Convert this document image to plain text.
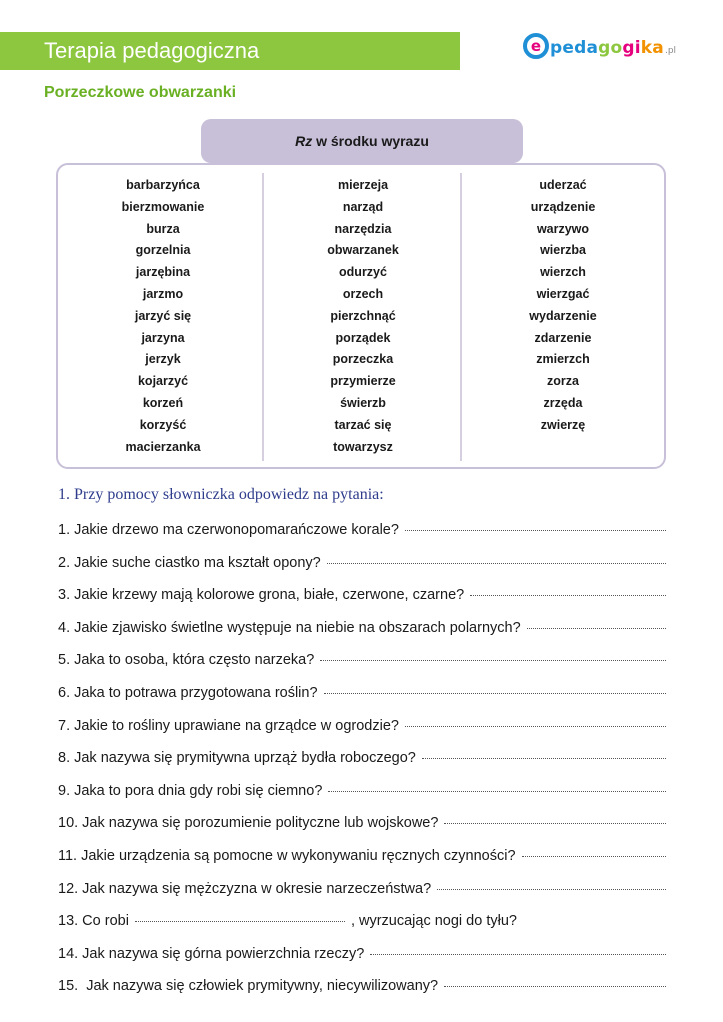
Terapia pedagogiczna	e pedagogika .pl
Porzeczkowe obwarzanki
Rz w środku wyrazu
barbarzyńca
bierzmowanie
burza
gorzelnia
jarzębina
jarzmo
jarzyć się
jarzyna
jerzyk
kojarzyć
korzeń
korzyść
macierzanka
mierzeja
narząd
narzędzia
obwarzanek
odurzyć
orzech
pierzchnąć
porządek
porzeczka
przymierze
świerzb
tarzać się
towarzysz
uderzać
urządzenie
warzywo
wierzba
wierzch
wierzgać
wydarzenie
zdarzenie
zmierzch
zorza
zrzęda
zwierzę
1. Przy pomocy słowniczka odpowiedz na pytania:
1. Jakie drzewo ma czerwonopomarańczowe korale?
2. Jakie suche ciastko ma kształt opony?
3. Jakie krzewy mają kolorowe grona, białe, czerwone, czarne?
4. Jakie zjawisko świetlne występuje na niebie na obszarach polarnych?
5. Jaka to osoba, która często narzeka?
6. Jaka to potrawa przygotowana roślin?
7. Jakie to rośliny uprawiane na grządce w ogrodzie?
8. Jak nazywa się prymitywna uprząż bydła roboczego?
9. Jaka to pora dnia gdy robi się ciemno?
10. Jak nazywa się porozumienie polityczne lub wojskowe?
11. Jakie urządzenia są pomocne w wykonywaniu ręcznych czynności?
12. Jak nazywa się mężczyzna w okresie narzeczeństwa?
13. Co robi	, wyrzucając nogi do tyłu?
14. Jak nazywa się górna powierzchnia rzeczy?
15.  Jak nazywa się człowiek prymitywny, niecywilizowany?
